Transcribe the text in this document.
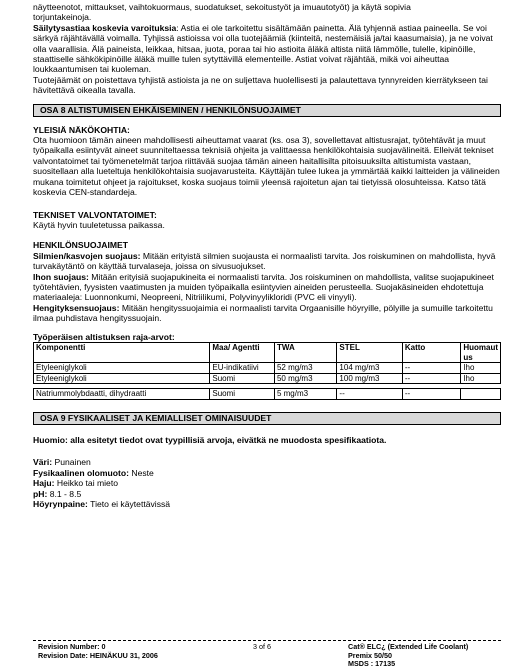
näytteenotot, mittaukset, vaihtokuormaus, suodatukset, sekoitustyöt ja imuautotyöt) ja käytä sopivia

torjuntakeinoja.

Säilytysastiaa koskevia varoituksia: Astia ei ole tarkoitettu sisältämään painetta. Älä tyhjennä astiaa paineella. Se voi särkyä räjähtävällä voimalla. Tyhjissä astioissa voi olla tuotejäämiä (kiinteitä, nestemäisiä ja/tai kaasumaisia), ja ne voivat olla vaarallisia. Älä paineista, leikkaa, hitsaa, juota, poraa tai hio astioita äläkä altista niitä lämmölle, tulelle, kipinöille, staattiselle sähkökipinöille äläkä muille tulen sytyttävillä elementeille. Astiat voivat räjähtää, mikä voi aiheuttaa loukkaantumisen tai kuoleman.

Tuotejäämät on poistettava tyhjistä astioista ja ne on suljettava huolellisesti ja palautettava tynnyreiden kierrätykseen tai hävitettävä oikealla tavalla.

OSA 8 ALTISTUMISEN EHKÄISEMINEN / HENKILÖNSUOJAIMET

YLEISIÄ NÄKÖKOHTIA:

Ota huomioon tämän aineen mahdollisesti aiheuttamat vaarat (ks. osa 3), sovellettavat altistusrajat, työtehtävät ja muut työpaikalla esiintyvät aineet suunniteltaessa teknisiä ohjeita ja valittaessa henkilökohtaisia suojavälineitä. Elleivät tekniset valvontatoimet tai työmenetelmät tarjoa riittävää suojaa tämän aineen haitallisilta pitoisuuksilta altistumista vastaan, suositellaan alla lueteltuja henkilökohtaisia suojavarusteita. Käyttäjän tulee lukea ja ymmärtää kaikki laitteiden ja välineiden mukana toimitetut ohjeet ja rajoitukset, koska suojaus toimii yleensä rajoitetun ajan tai tietyissä olosuhteissa. Katso tätä koskevia CEN-standardeja.

TEKNISET VALVONTATOIMET:

Käytä hyvin tuuletetussa paikassa.

HENKILÖNSUOJAIMET

Silmien/kasvojen suojaus: Mitään erityistä silmien suojausta ei normaalisti tarvita. Jos roiskuminen on mahdollista, hyvä turvakäytäntö on käyttää turvalaseja, joissa on sivusuojukset.

Ihon suojaus: Mitään erityisiä suojapukineita ei normaalisti tarvita. Jos roiskuminen on mahdollista, valitse suojapukineet työtehtävien, fyysisten vaatimusten ja muiden työpaikalla esiintyvien aineiden perusteella. Suojakäsineiden ehdotettuja materiaaleja: Luonnonkumi, Neopreeni, Nitriilikumi, Polyvinyylikloridi (PVC eli vinyyli).

Hengityksensuojaus: Mitään hengityssuojaimia ei normaalisti tarvita Orgaanisille höyryille, pölyille ja sumuille tarkoitettu ilmaa puhdistava hengityssuojain.

Työperäisen altistuksen raja-arvot:

Komponentti	Maa/ Agentti	TWA	STEL	Katto	Huomaut us
Etyleeniglykoli	EU-indikatiivi	52 mg/m3	104 mg/m3	--	Iho
Etyleeniglykoli	Suomi	50 mg/m3	100 mg/m3	--	Iho

Natriummolybdaatti, dihydraatti	Suomi	5 mg/m3	--	--	
OSA 9 FYSIKAALISET JA KEMIALLISET OMINAISUUDET

Huomio: alla esitetyt tiedot ovat tyypillisiä arvoja, eivätkä ne muodosta spesifikaatiota.

Väri: Punainen

Fysikaalinen olomuoto: Neste

Haju: Heikko tai mieto

pH: 8.1 - 8.5

Höyrynpaine: Tieto ei käytettävissä

Revision Number: 0

Revision Date: HEINÄKUU 31, 2006

3 of 6	Cat® ELC¿ (Extended Life Coolant)

Premix 50/50

MSDS : 17135
